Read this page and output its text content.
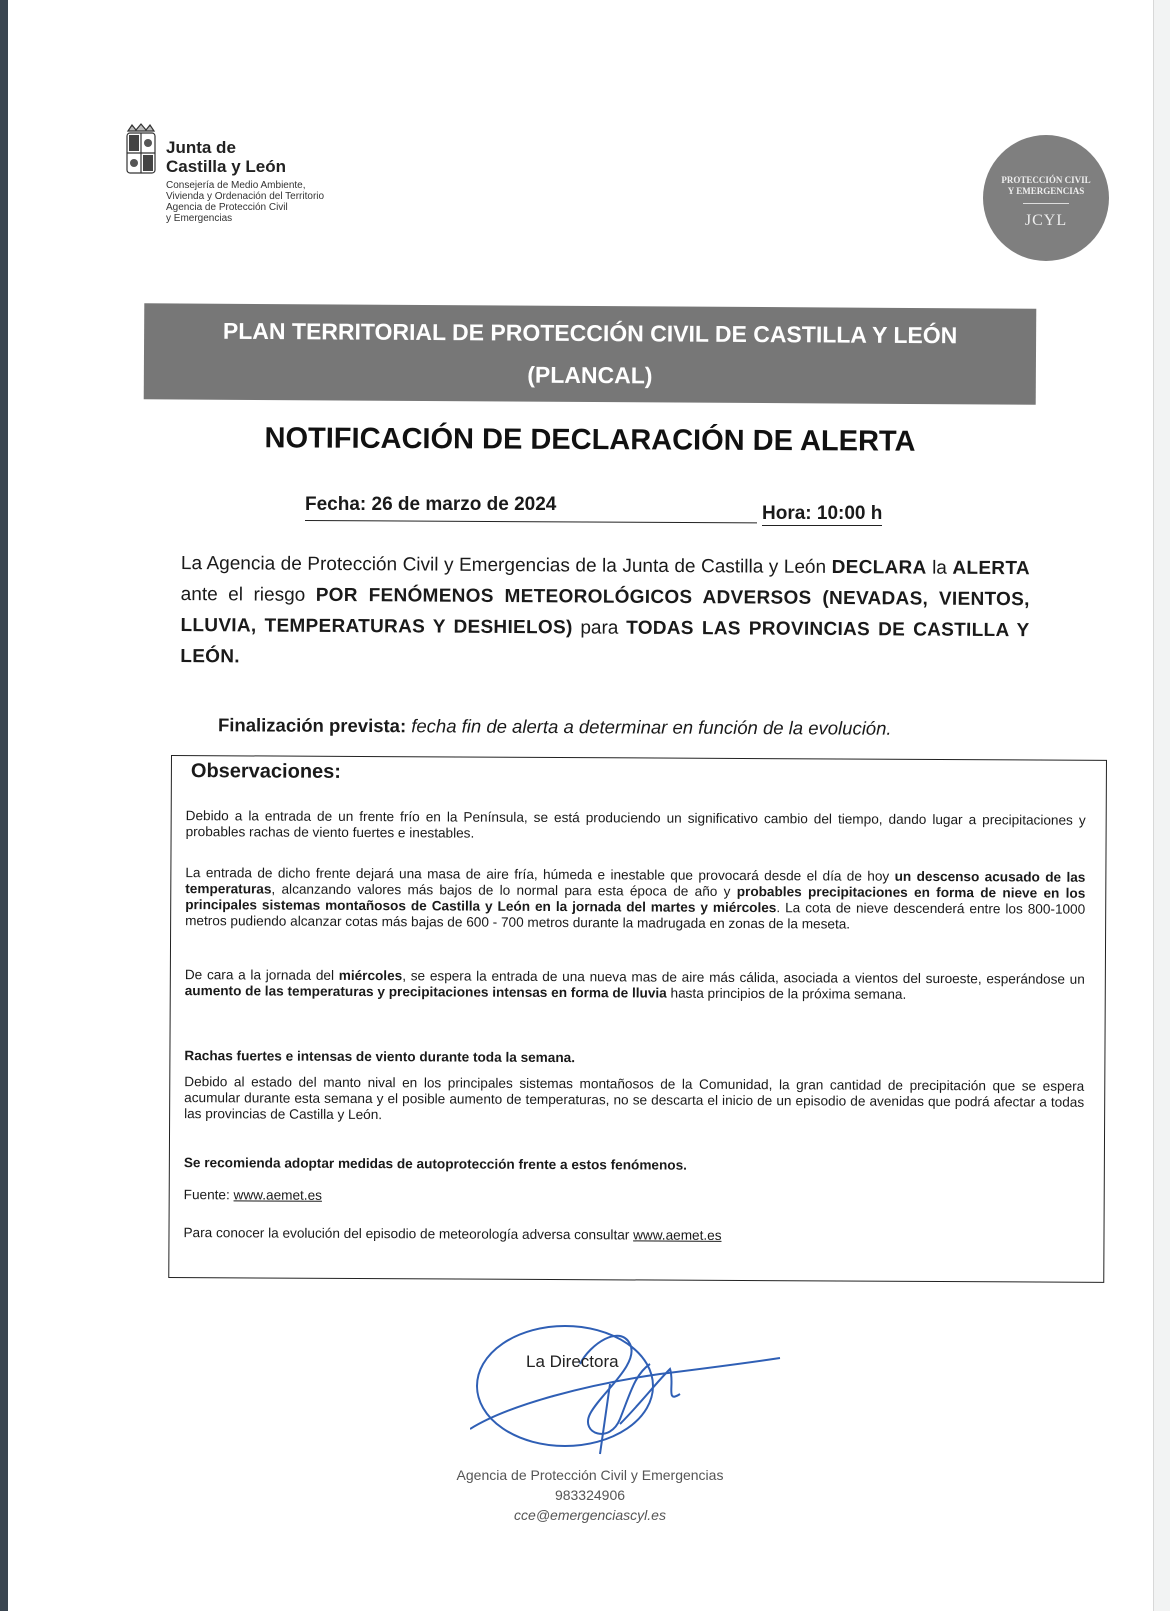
Junta de
Castilla y León
Consejería de Medio Ambiente,
Vivienda y Ordenación del Territorio
Agencia de Protección Civil
y Emergencias
PROTECCIÓN CIVIL
Y EMERGENCIAS
JCYL
PLAN TERRITORIAL DE PROTECCIÓN CIVIL DE CASTILLA Y LEÓN
(PLANCAL)
NOTIFICACIÓN DE DECLARACIÓN DE ALERTA
Fecha: 26 de marzo de 2024	Hora: 10:00 h
La Agencia de Protección Civil y Emergencias de la Junta de Castilla y León DECLARA la ALERTA ante el riesgo POR FENÓMENOS METEOROLÓGICOS ADVERSOS (NEVADAS, VIENTOS, LLUVIA, TEMPERATURAS Y DESHIELOS) para TODAS LAS PROVINCIAS DE CASTILLA Y LEÓN.
Finalización prevista: fecha fin de alerta a determinar en función de la evolución.
Observaciones:
Debido a la entrada de un frente frío en la Península, se está produciendo un significativo cambio del tiempo, dando lugar a precipitaciones y probables rachas de viento fuertes e inestables.
La entrada de dicho frente dejará una masa de aire fría, húmeda e inestable que provocará desde el día de hoy un descenso acusado de las temperaturas, alcanzando valores más bajos de lo normal para esta época de año y probables precipitaciones en forma de nieve en los principales sistemas montañosos de Castilla y León en la jornada del martes y miércoles. La cota de nieve descenderá entre los 800-1000 metros pudiendo alcanzar cotas más bajas de 600 - 700 metros durante la madrugada en zonas de la meseta.
De cara a la jornada del miércoles, se espera la entrada de una nueva mas de aire más cálida, asociada a vientos del suroeste, esperándose un aumento de las temperaturas y precipitaciones intensas en forma de lluvia hasta principios de la próxima semana.
Rachas fuertes e intensas de viento durante toda la semana.
Debido al estado del manto nival en los principales sistemas montañosos de la Comunidad, la gran cantidad de precipitación que se espera acumular durante esta semana y el posible aumento de temperaturas, no se descarta el inicio de un episodio de avenidas que podrá afectar a todas las provincias de Castilla y León.
Se recomienda adoptar medidas de autoprotección frente a estos fenómenos.
Fuente: www.aemet.es
Para conocer la evolución del episodio de meteorología adversa consultar www.aemet.es
La Directora
Agencia de Protección Civil y Emergencias
983324906
cce@emergenciascyl.es
